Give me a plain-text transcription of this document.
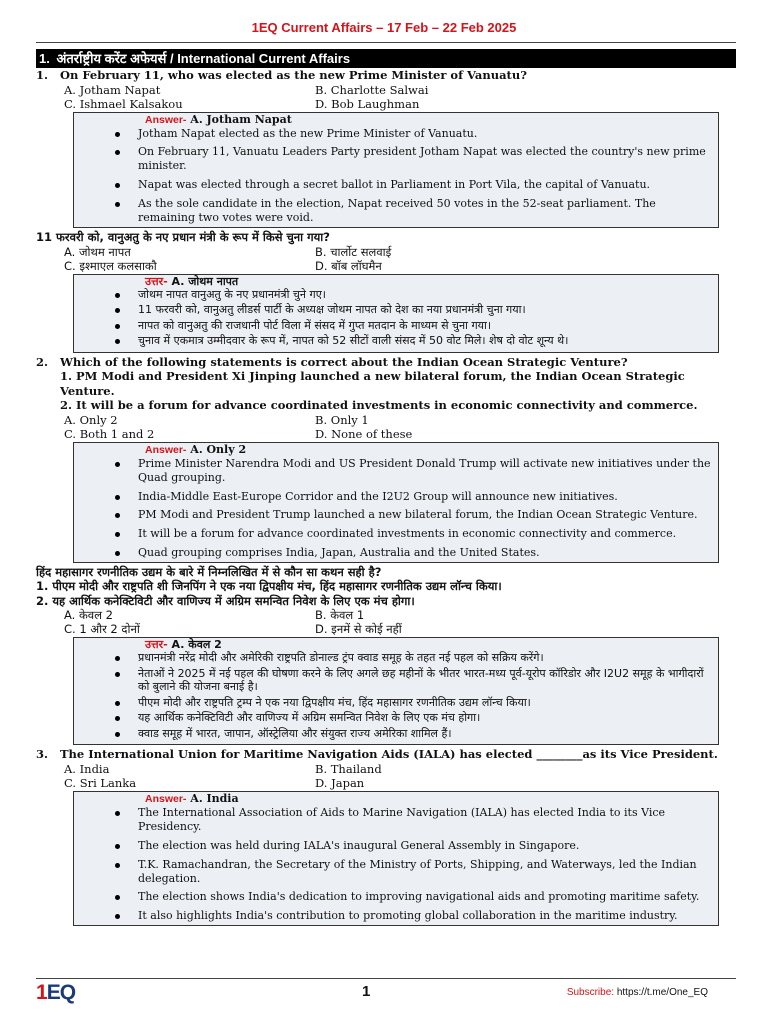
1EQ Current Affairs – 17 Feb – 22 Feb 2025
1. अंतर्राष्ट्रीय करेंट अफेयर्स / International Current Affairs
1. On February 11, who was elected as the new Prime Minister of Vanuatu?
A. Jotham Napat	B. Charlotte Salwai
C. Ishmael Kalsakou	D. Bob Laughman
Answer- A. Jotham Napat
Jotham Napat elected as the new Prime Minister of Vanuatu.
On February 11, Vanuatu Leaders Party president Jotham Napat was elected the country's new prime minister.
Napat was elected through a secret ballot in Parliament in Port Vila, the capital of Vanuatu.
As the sole candidate in the election, Napat received 50 votes in the 52-seat parliament. The remaining two votes were void.
11 फरवरी को, वानुअतु के नए प्रधान मंत्री के रूप में किसे चुना गया?
A. जोथम नापत	B. चार्लोट सलवाई
C. इश्माएल कलसाकौ	D. बॉब लॉघमैन
उत्तर- A. जोथम नापत
जोथम नापत वानुअतु के नए प्रधानमंत्री चुने गए।
11 फरवरी को, वानुअतु लीडर्स पार्टी के अध्यक्ष जोथम नापत को देश का नया प्रधानमंत्री चुना गया।
नापत को वानुअतु की राजधानी पोर्ट विला में संसद में गुप्त मतदान के माध्यम से चुना गया।
चुनाव में एकमात्र उम्मीदवार के रूप में, नापत को 52 सीटों वाली संसद में 50 वोट मिले। शेष दो वोट शून्य थे।
2. Which of the following statements is correct about the Indian Ocean Strategic Venture?
1. PM Modi and President Xi Jinping launched a new bilateral forum, the Indian Ocean Strategic Venture.
2. It will be a forum for advance coordinated investments in economic connectivity and commerce.
A. Only 2	B. Only 1
C. Both 1 and 2	D. None of these
Answer- A. Only 2
Prime Minister Narendra Modi and US President Donald Trump will activate new initiatives under the Quad grouping.
India-Middle East-Europe Corridor and the I2U2 Group will announce new initiatives.
PM Modi and President Trump launched a new bilateral forum, the Indian Ocean Strategic Venture.
It will be a forum for advance coordinated investments in economic connectivity and commerce.
Quad grouping comprises India, Japan, Australia and the United States.
हिंद महासागर रणनीतिक उद्यम के बारे में निम्नलिखित में से कौन सा कथन सही है?
1. पीएम मोदी और राष्ट्रपति शी जिनपिंग ने एक नया द्विपक्षीय मंच, हिंद महासागर रणनीतिक उद्यम लॉन्च किया।
2. यह आर्थिक कनेक्टिविटी और वाणिज्य में अग्रिम समन्वित निवेश के लिए एक मंच होगा।
A. केवल 2	B. केवल 1
C. 1 और 2 दोनों	D. इनमें से कोई नहीं
उत्तर- A. केवल 2
प्रधानमंत्री नरेंद्र मोदी और अमेरिकी राष्ट्रपति डोनाल्ड ट्रंप क्वाड समूह के तहत नई पहल को सक्रिय करेंगे।
नेताओं ने 2025 में नई पहल की घोषणा करने के लिए अगले छह महीनों के भीतर भारत-मध्य पूर्व-यूरोप कॉरिडोर और I2U2 समूह के भागीदारों को बुलाने की योजना बनाई है।
पीएम मोदी और राष्ट्रपति ट्रम्प ने एक नया द्विपक्षीय मंच, हिंद महासागर रणनीतिक उद्यम लॉन्च किया।
यह आर्थिक कनेक्टिविटी और वाणिज्य में अग्रिम समन्वित निवेश के लिए एक मंच होगा।
क्वाड समूह में भारत, जापान, ऑस्ट्रेलिया और संयुक्त राज्य अमेरिका शामिल हैं।
3. The International Union for Maritime Navigation Aids (IALA) has elected ________as its Vice President.
A. India	B. Thailand
C. Sri Lanka	D. Japan
Answer- A. India
The International Association of Aids to Marine Navigation (IALA) has elected India to its Vice Presidency.
The election was held during IALA's inaugural General Assembly in Singapore.
T.K. Ramachandran, the Secretary of the Ministry of Ports, Shipping, and Waterways, led the Indian delegation.
The election shows India's dedication to improving navigational aids and promoting maritime safety.
It also highlights India's contribution to promoting global collaboration in the maritime industry.
1EQ	1	Subscribe: https://t.me/One_EQ
